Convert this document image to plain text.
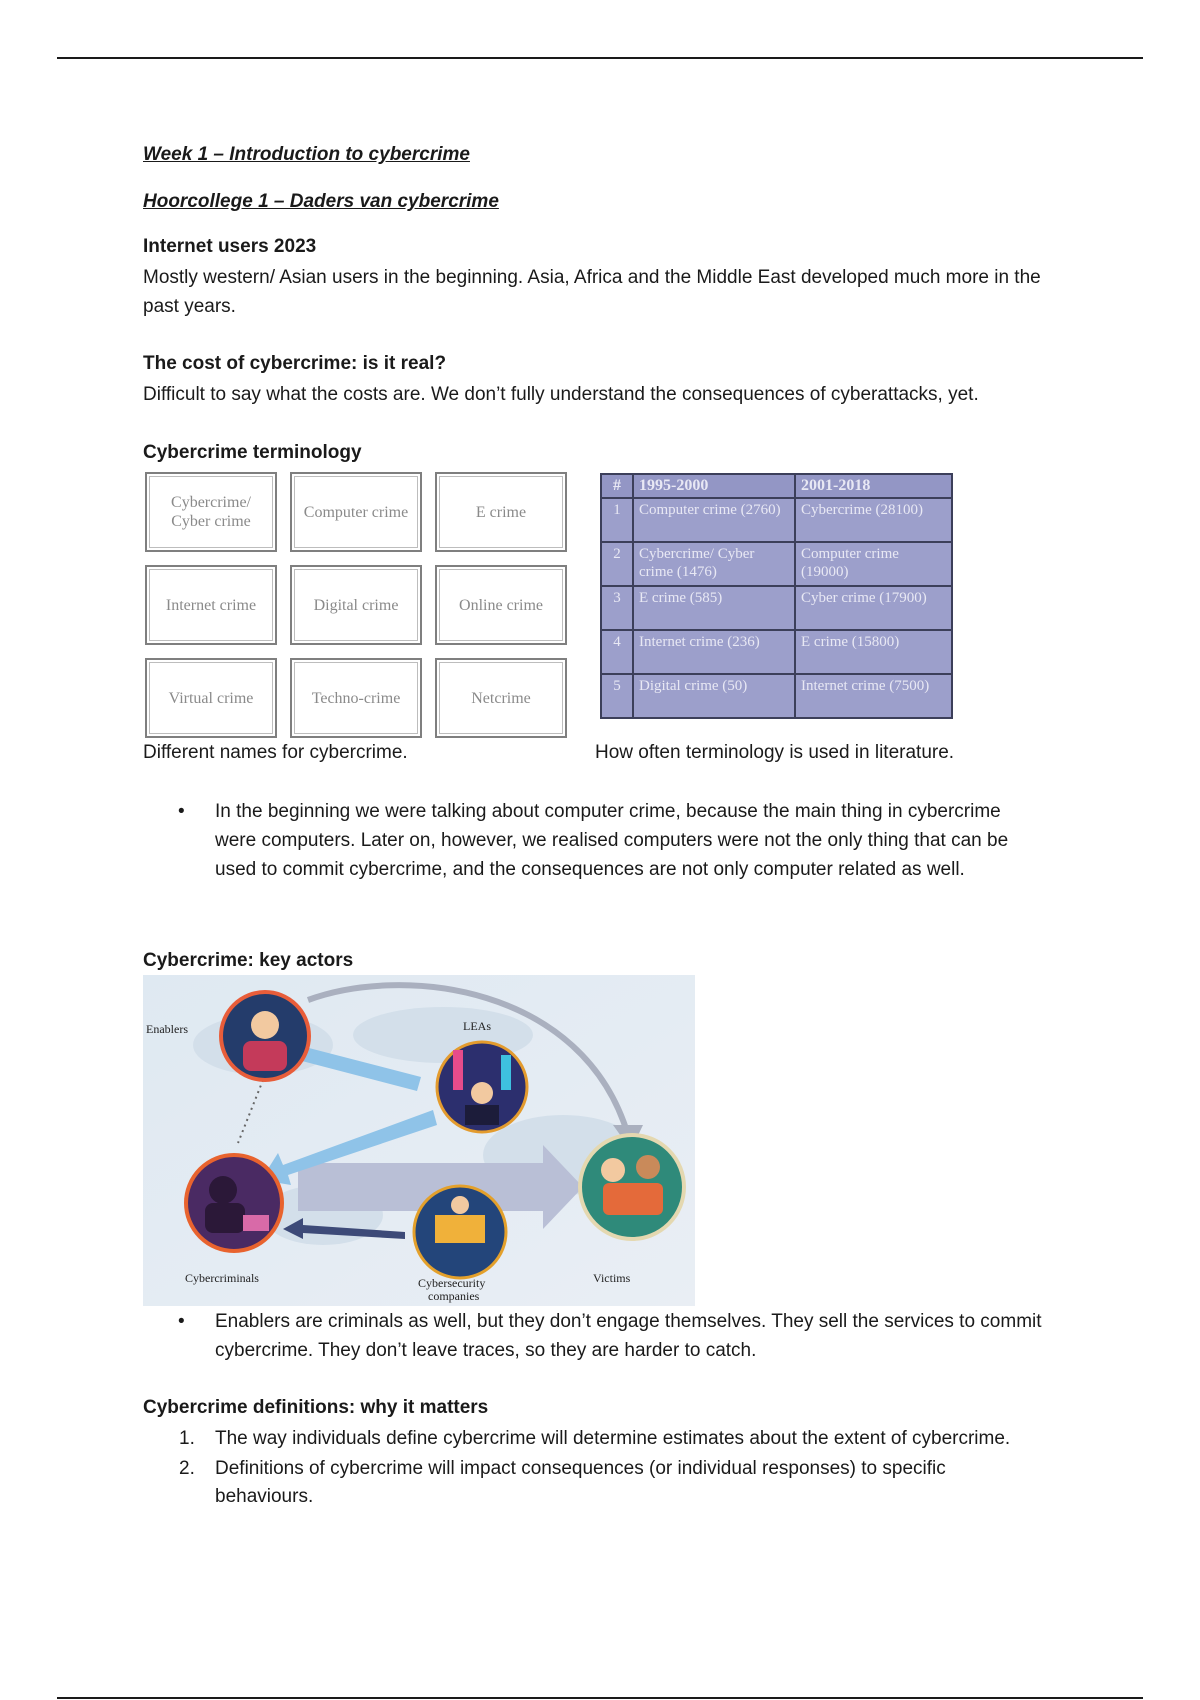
Week 1 – Introduction to cybercrime

Hoorcollege 1 – Daders van cybercrime

Internet users 2023

Mostly western/ Asian users in the beginning. Asia, Africa and the Middle East developed much more in the past years.

The cost of cybercrime: is it real?

Difficult to say what the costs are. We don’t fully understand the consequences of cyberattacks, yet.

Cybercrime terminology

Cybercrime/
Cyber crime
Computer crime	E crime
Internet crime	Digital crime	Online crime
Virtual crime	Techno-crime	Netcrime
#	1995-2000	2001-2018
1	Computer crime (2760)	Cybercrime (28100)
2	Cybercrime/ Cyber crime (1476)	Computer crime (19000)
3	E crime (585)	Cyber crime (17900)
4	Internet crime (236)	E crime (15800)
5	Digital crime (50)	Internet crime (7500)
Different names for cybercrime.	How often terminology is used in literature.
• In the beginning we were talking about computer crime, because the main thing in cybercrime were computers. Later on, however, we realised computers were not the only thing that can be used to commit cybercrime, and the consequences are not only computer related as well.

Cybercrime: key actors

Enablers	LEAs
Cybercriminals	Cybersecurity
companies
Victims
• Enablers are criminals as well, but they don’t engage themselves. They sell the services to commit cybercrime. They don’t leave traces, so they are harder to catch.

Cybercrime definitions: why it matters

1. The way individuals define cybercrime will determine estimates about the extent of cybercrime.
2. Definitions of cybercrime will impact consequences (or individual responses) to specific behaviours.
